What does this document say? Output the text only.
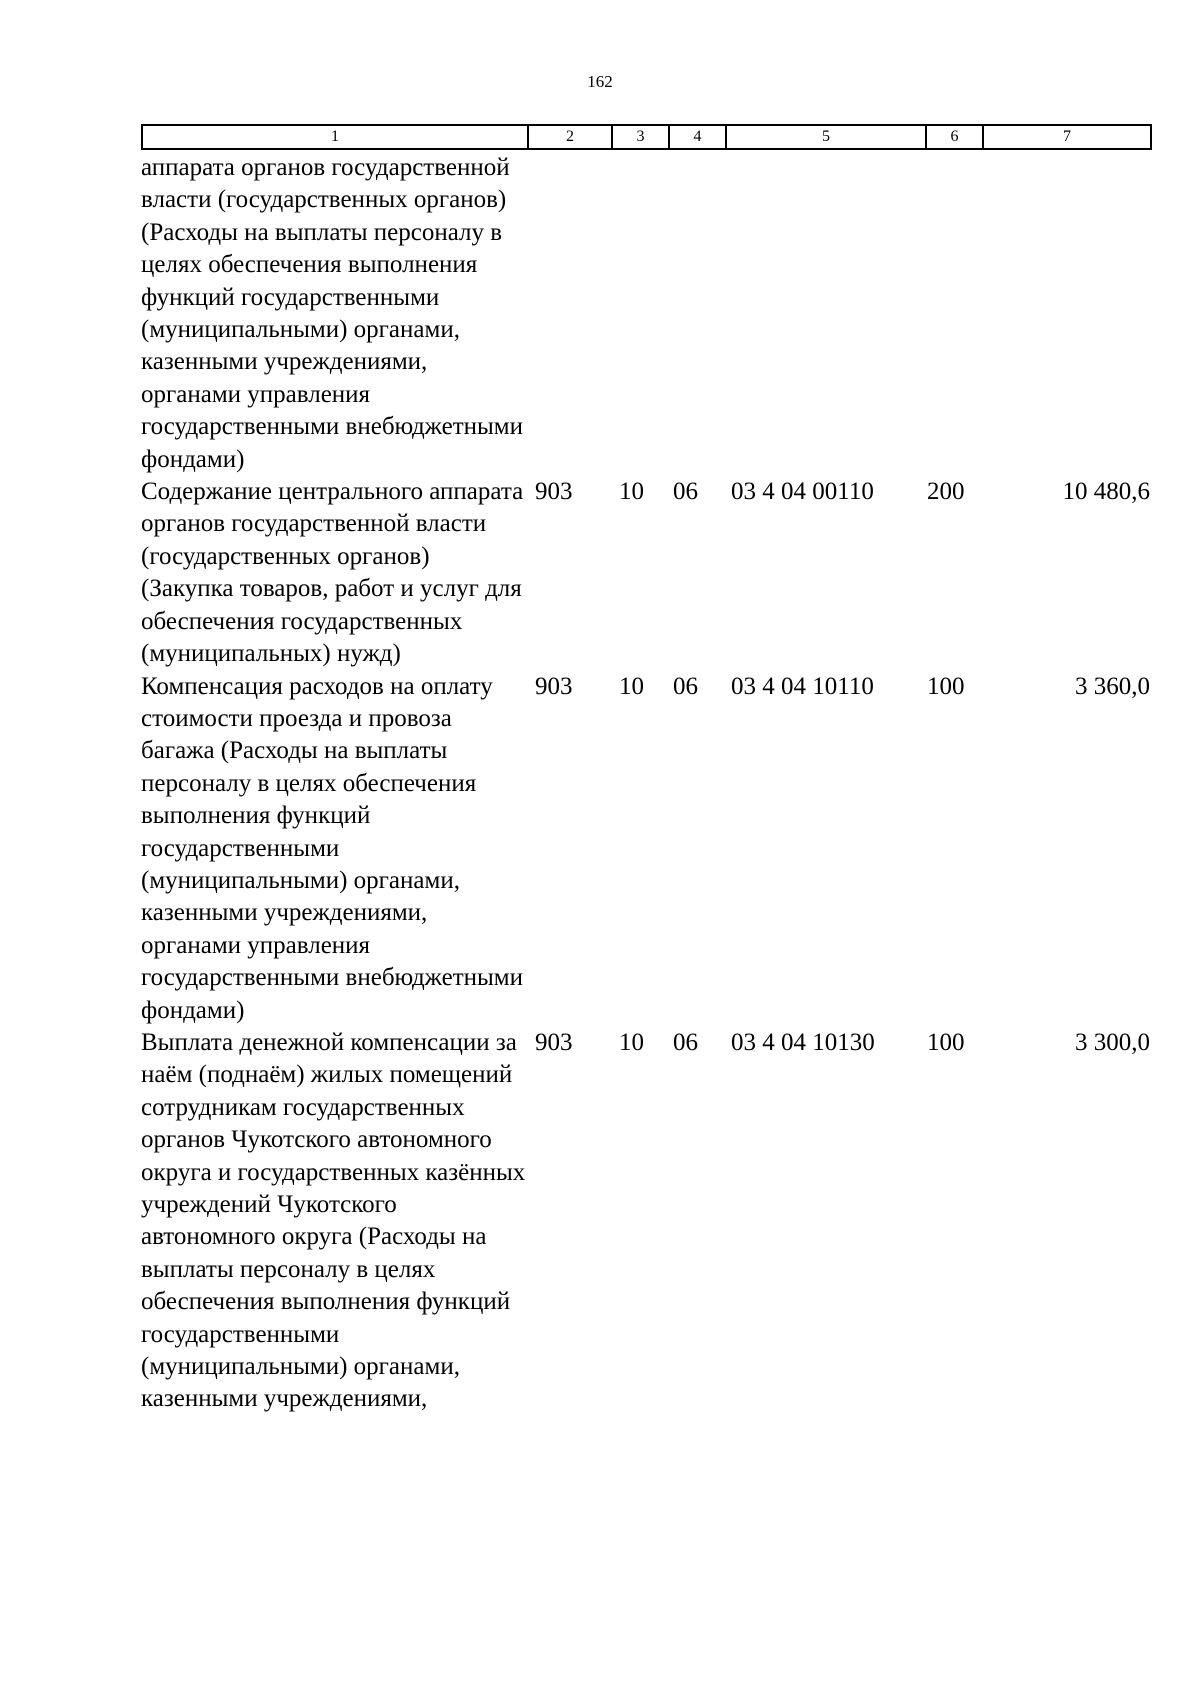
162
1	2	3	4	5	6	7
аппарата органов государственной власти (государственных органов) (Расходы на выплаты персоналу в целях обеспечения выполнения функций государственными (муниципальными) органами, казенными учреждениями, органами управления государственными внебюджетными фондами)						
Содержание центрального аппарата органов государственной власти (государственных органов) (Закупка товаров, работ и услуг для обеспечения государственных (муниципальных) нужд)	903	10	06	03 4 04 00110	200	10 480,6
Компенсация расходов на оплату стоимости проезда и провоза багажа (Расходы на выплаты персоналу в целях обеспечения выполнения функций государственными (муниципальными) органами, казенными учреждениями, органами управления государственными внебюджетными фондами)	903	10	06	03 4 04 10110	100	3 360,0
Выплата денежной компенсации за наём (поднаём) жилых помещений сотрудникам государственных органов Чукотского автономного округа и государственных казённых учреждений Чукотского автономного округа (Расходы на выплаты персоналу в целях обеспечения выполнения функций государственными (муниципальными) органами, казенными учреждениями,	903	10	06	03 4 04 10130	100	3 300,0
